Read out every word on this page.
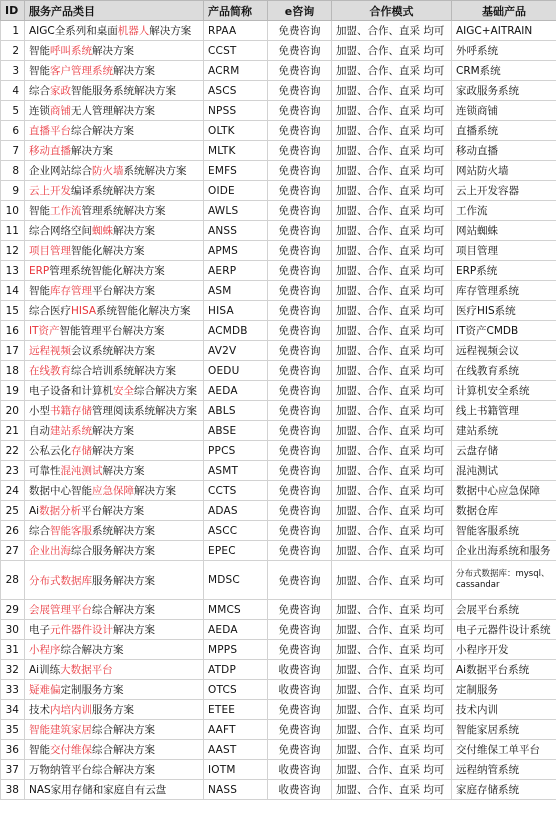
ID	服务产品类目	产品简称	e咨询	合作模式	基础产品
1	AIGC全系列和桌面机器人解决方案	RPAA	免费咨询	加盟、合作、直采 均可	AIGC+AITRAIN
2	智能呼叫系统解决方案	CCST	免费咨询	加盟、合作、直采 均可	外呼系统
3	智能客户管理系统解决方案	ACRM	免费咨询	加盟、合作、直采 均可	CRM系统
4	综合家政智能服务系统解决方案	ASCS	免费咨询	加盟、合作、直采 均可	家政服务系统
5	连锁商铺无人管理解决方案	NPSS	免费咨询	加盟、合作、直采 均可	连锁商铺
6	直播平台综合解决方案	OLTK	免费咨询	加盟、合作、直采 均可	直播系统
7	移动直播解决方案	MLTK	免费咨询	加盟、合作、直采 均可	移动直播
8	企业网站综合防火墙系统解决方案	EMFS	免费咨询	加盟、合作、直采 均可	网站防火墙
9	云上开发编译系统解决方案	OIDE	免费咨询	加盟、合作、直采 均可	云上开发容器
10	智能工作流管理系统解决方案	AWLS	免费咨询	加盟、合作、直采 均可	工作流
11	综合网络空间蜘蛛解决方案	ANSS	免费咨询	加盟、合作、直采 均可	网站蜘蛛
12	项目管理智能化解决方案	APMS	免费咨询	加盟、合作、直采 均可	项目管理
13	ERP管理系统智能化解决方案	AERP	免费咨询	加盟、合作、直采 均可	ERP系统
14	智能库存管理平台解决方案	ASM	免费咨询	加盟、合作、直采 均可	库存管理系统
15	综合医疗HISA系统智能化解决方案	HISA	免费咨询	加盟、合作、直采 均可	医疗HIS系统
16	IT资产智能管理平台解决方案	ACMDB	免费咨询	加盟、合作、直采 均可	IT资产CMDB
17	远程视频会议系统解决方案	AV2V	免费咨询	加盟、合作、直采 均可	远程视频会议
18	在线教育综合培训系统解决方案	OEDU	免费咨询	加盟、合作、直采 均可	在线教育系统
19	电子设备和计算机安全综合解决方案	AEDA	免费咨询	加盟、合作、直采 均可	计算机安全系统
20	小型书籍存储管理阅读系统解决方案	ABLS	免费咨询	加盟、合作、直采 均可	线上书籍管理
21	自动建站系统解决方案	ABSE	免费咨询	加盟、合作、直采 均可	建站系统
22	公私云化存储解决方案	PPCS	免费咨询	加盟、合作、直采 均可	云盘存储
23	可靠性混沌测试解决方案	ASMT	免费咨询	加盟、合作、直采 均可	混沌测试
24	数据中心智能应急保障解决方案	CCTS	免费咨询	加盟、合作、直采 均可	数据中心应急保障
25	Ai数据分析平台解决方案	ADAS	免费咨询	加盟、合作、直采 均可	数据仓库
26	综合智能客服系统解决方案	ASCC	免费咨询	加盟、合作、直采 均可	智能客服系统
27	企业出海综合服务解决方案	EPEC	免费咨询	加盟、合作、直采 均可	企业出海系统和服务
28	分布式数据库服务解决方案	MDSC	免费咨询	加盟、合作、直采 均可	分布式数据库：mysql、cassandar
29	会展管理平台综合解决方案	MMCS	免费咨询	加盟、合作、直采 均可	会展平台系统
30	电子元件器件设计解决方案	AEDA	免费咨询	加盟、合作、直采 均可	电子元器件设计系统
31	小程序综合解决方案	MPPS	免费咨询	加盟、合作、直采 均可	小程序开发
32	Ai训练大数据平台	ATDP	收费咨询	加盟、合作、直采 均可	Ai数据平台系统
33	疑难偏定制服务方案	OTCS	收费咨询	加盟、合作、直采 均可	定制服务
34	技术内培内训服务方案	ETEE	免费咨询	加盟、合作、直采 均可	技术内训
35	智能建筑家居综合解决方案	AAFT	免费咨询	加盟、合作、直采 均可	智能家居系统
36	智能交付维保综合解决方案	AAST	免费咨询	加盟、合作、直采 均可	交付维保工单平台
37	万物纳管平台综合解决方案	IOTM	收费咨询	加盟、合作、直采 均可	远程纳管系统
38	NAS家用存储和家庭自有云盘	NASS	收费咨询	加盟、合作、直采 均可	家庭存储系统
